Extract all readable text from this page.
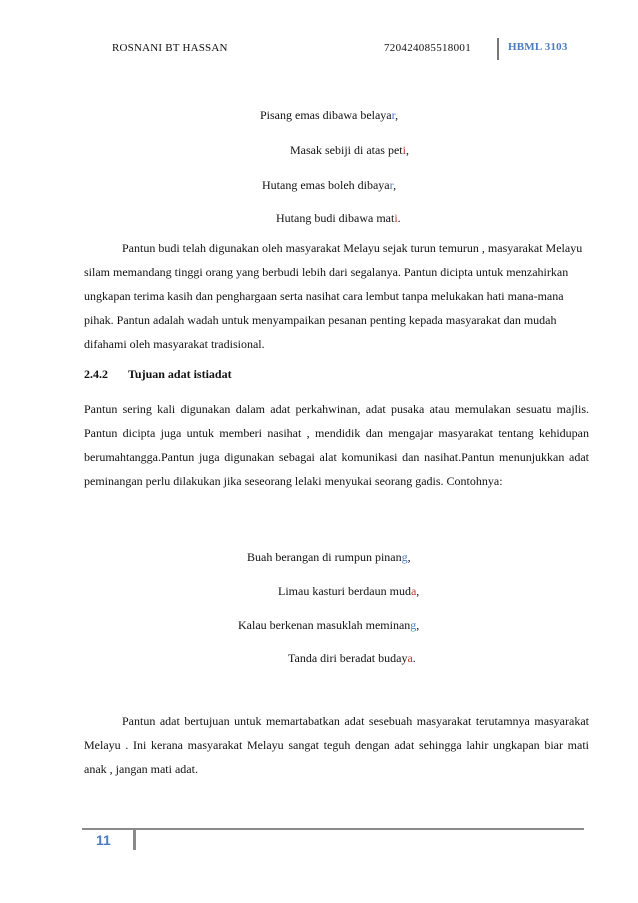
ROSNANI BT HASSAN	720424085518001	HBML 3103
Pisang emas dibawa belayar,
Masak sebiji di atas peti,
Hutang emas boleh dibayar,
Hutang budi dibawa mati.

Pantun budi telah digunakan oleh masyarakat Melayu sejak turun temurun , masyarakat Melayu silam memandang tinggi orang yang berbudi lebih dari segalanya. Pantun dicipta untuk menzahirkan ungkapan terima kasih dan penghargaan serta nasihat cara lembut tanpa melukakan hati mana-mana pihak. Pantun adalah wadah untuk menyampaikan pesanan penting kepada masyarakat dan mudah difahami oleh masyarakat tradisional.

2.4.2 Tujuan adat istiadat

Pantun sering kali digunakan dalam adat perkahwinan, adat pusaka atau memulakan sesuatu majlis. Pantun dicipta juga untuk memberi nasihat , mendidik dan mengajar masyarakat tentang kehidupan berumahtangga.Pantun juga digunakan sebagai alat komunikasi dan nasihat.Pantun menunjukkan adat peminangan perlu dilakukan jika seseorang lelaki menyukai seorang gadis. Contohnya:

Buah berangan di rumpun pinang,
Limau kasturi berdaun muda,
Kalau berkenan masuklah meminang,
Tanda diri beradat budaya.

Pantun adat bertujuan untuk memartabatkan adat sesebuah masyarakat terutamnya masyarakat Melayu . Ini kerana masyarakat Melayu sangat teguh dengan adat sehingga lahir ungkapan biar mati anak , jangan mati adat.

11
